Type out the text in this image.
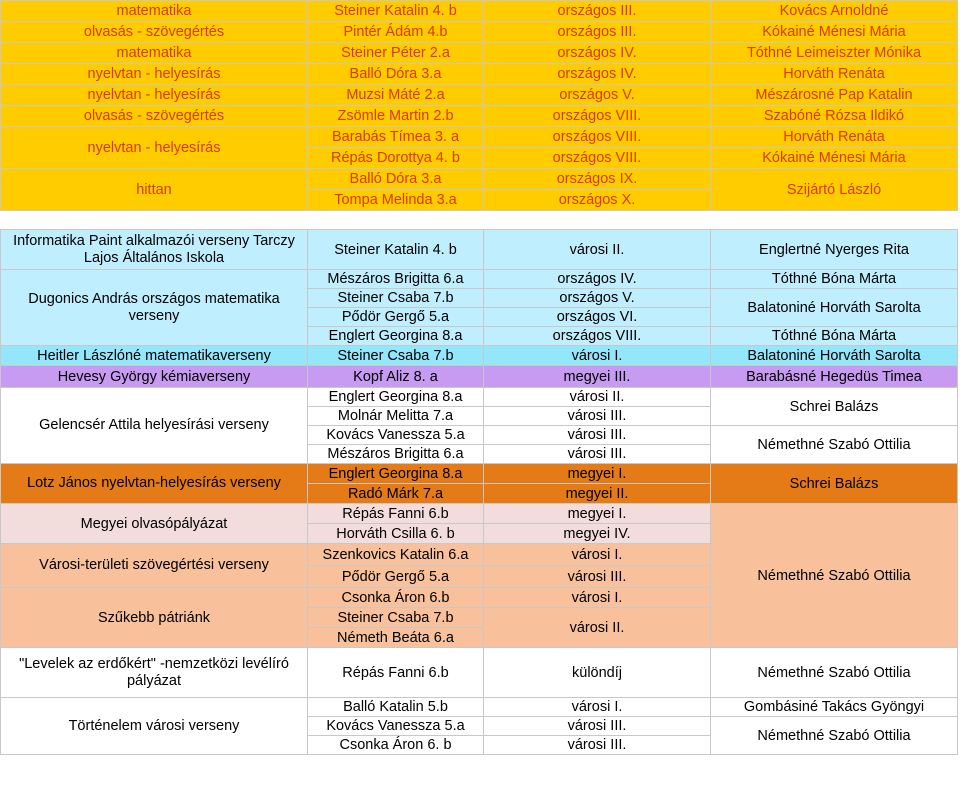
matematika	Steiner Katalin 4. b	országos III.	Kovács Arnoldné
olvasás - szövegértés	Pintér Ádám 4.b	országos III.	Kókainé Ménesi Mária
matematika	Steiner Péter 2.a	országos IV.	Tóthné Leimeiszter Mónika
nyelvtan - helyesírás	Balló Dóra 3.a	országos IV.	Horváth Renáta
nyelvtan - helyesírás	Muzsi Máté 2.a	országos V.	Mészárosné Pap Katalin
olvasás - szövegértés	Zsömle Martin 2.b	országos VIII.	Szabóné Rózsa Ildikó
nyelvtan - helyesírás	Barabás Tímea 3. a	országos VIII.	Horváth Renáta
	Répás Dorottya 4. b	országos VIII.	Kókainé Ménesi Mária
hittan	Balló Dóra 3.a	országos IX.	Szijártó László
	Tompa Melinda 3.a	országos X.	
Informatika Paint alkalmazói verseny Tarczy Lajos Általános Iskola	Steiner Katalin 4. b	városi II.	Englertné Nyerges Rita
Dugonics András országos matematika verseny	Mészáros Brigitta 6.a	országos IV.	Tóthné Bóna Márta
	Steiner Csaba 7.b	országos V.	Balatoniné Horváth Sarolta
	Pődör Gergő 5.a	országos VI.	
	Englert Georgina 8.a	országos VIII.	Tóthné Bóna Márta
Heitler Lászlóné matematikaverseny	Steiner Csaba 7.b	városi I.	Balatoniné Horváth Sarolta
Hevesy György kémiaverseny	Kopf Aliz 8. a	megyei III.	Barabásné Hegedüs Timea
Gelencsér Attila helyesírási verseny	Englert Georgina 8.a	városi II.	Schrei Balázs
	Molnár Melitta 7.a	városi III.	
	Kovács Vanessza 5.a	városi III.	Némethné Szabó Ottilia
	Mészáros Brigitta 6.a	városi III.	
Lotz János nyelvtan-helyesírás verseny	Englert Georgina 8.a	megyei I.	Schrei Balázs
	Radó Márk 7.a	megyei II.	
Megyei olvasópályázat	Répás Fanni 6.b	megyei I.	Némethné Szabó Ottilia
	Horváth Csilla 6. b	megyei IV.	
Városi-területi szövegértési verseny	Szenkovics Katalin 6.a	városi I.	
	Pődör Gergő 5.a	városi III.	
Szűkebb pátriánk	Csonka Áron 6.b	városi I.	
	Steiner Csaba 7.b	városi II.	
	Németh Beáta 6.a		
"Levelek az erdőkért" -nemzetközi levélíró pályázat	Répás Fanni 6.b	különdíj	Némethné Szabó Ottilia
Történelem városi verseny	Balló Katalin 5.b	városi I.	Gombásiné Takács Gyöngyi
	Kovács Vanessza 5.a	városi III.	Némethné Szabó Ottilia
	Csonka Áron 6. b	városi III.	
